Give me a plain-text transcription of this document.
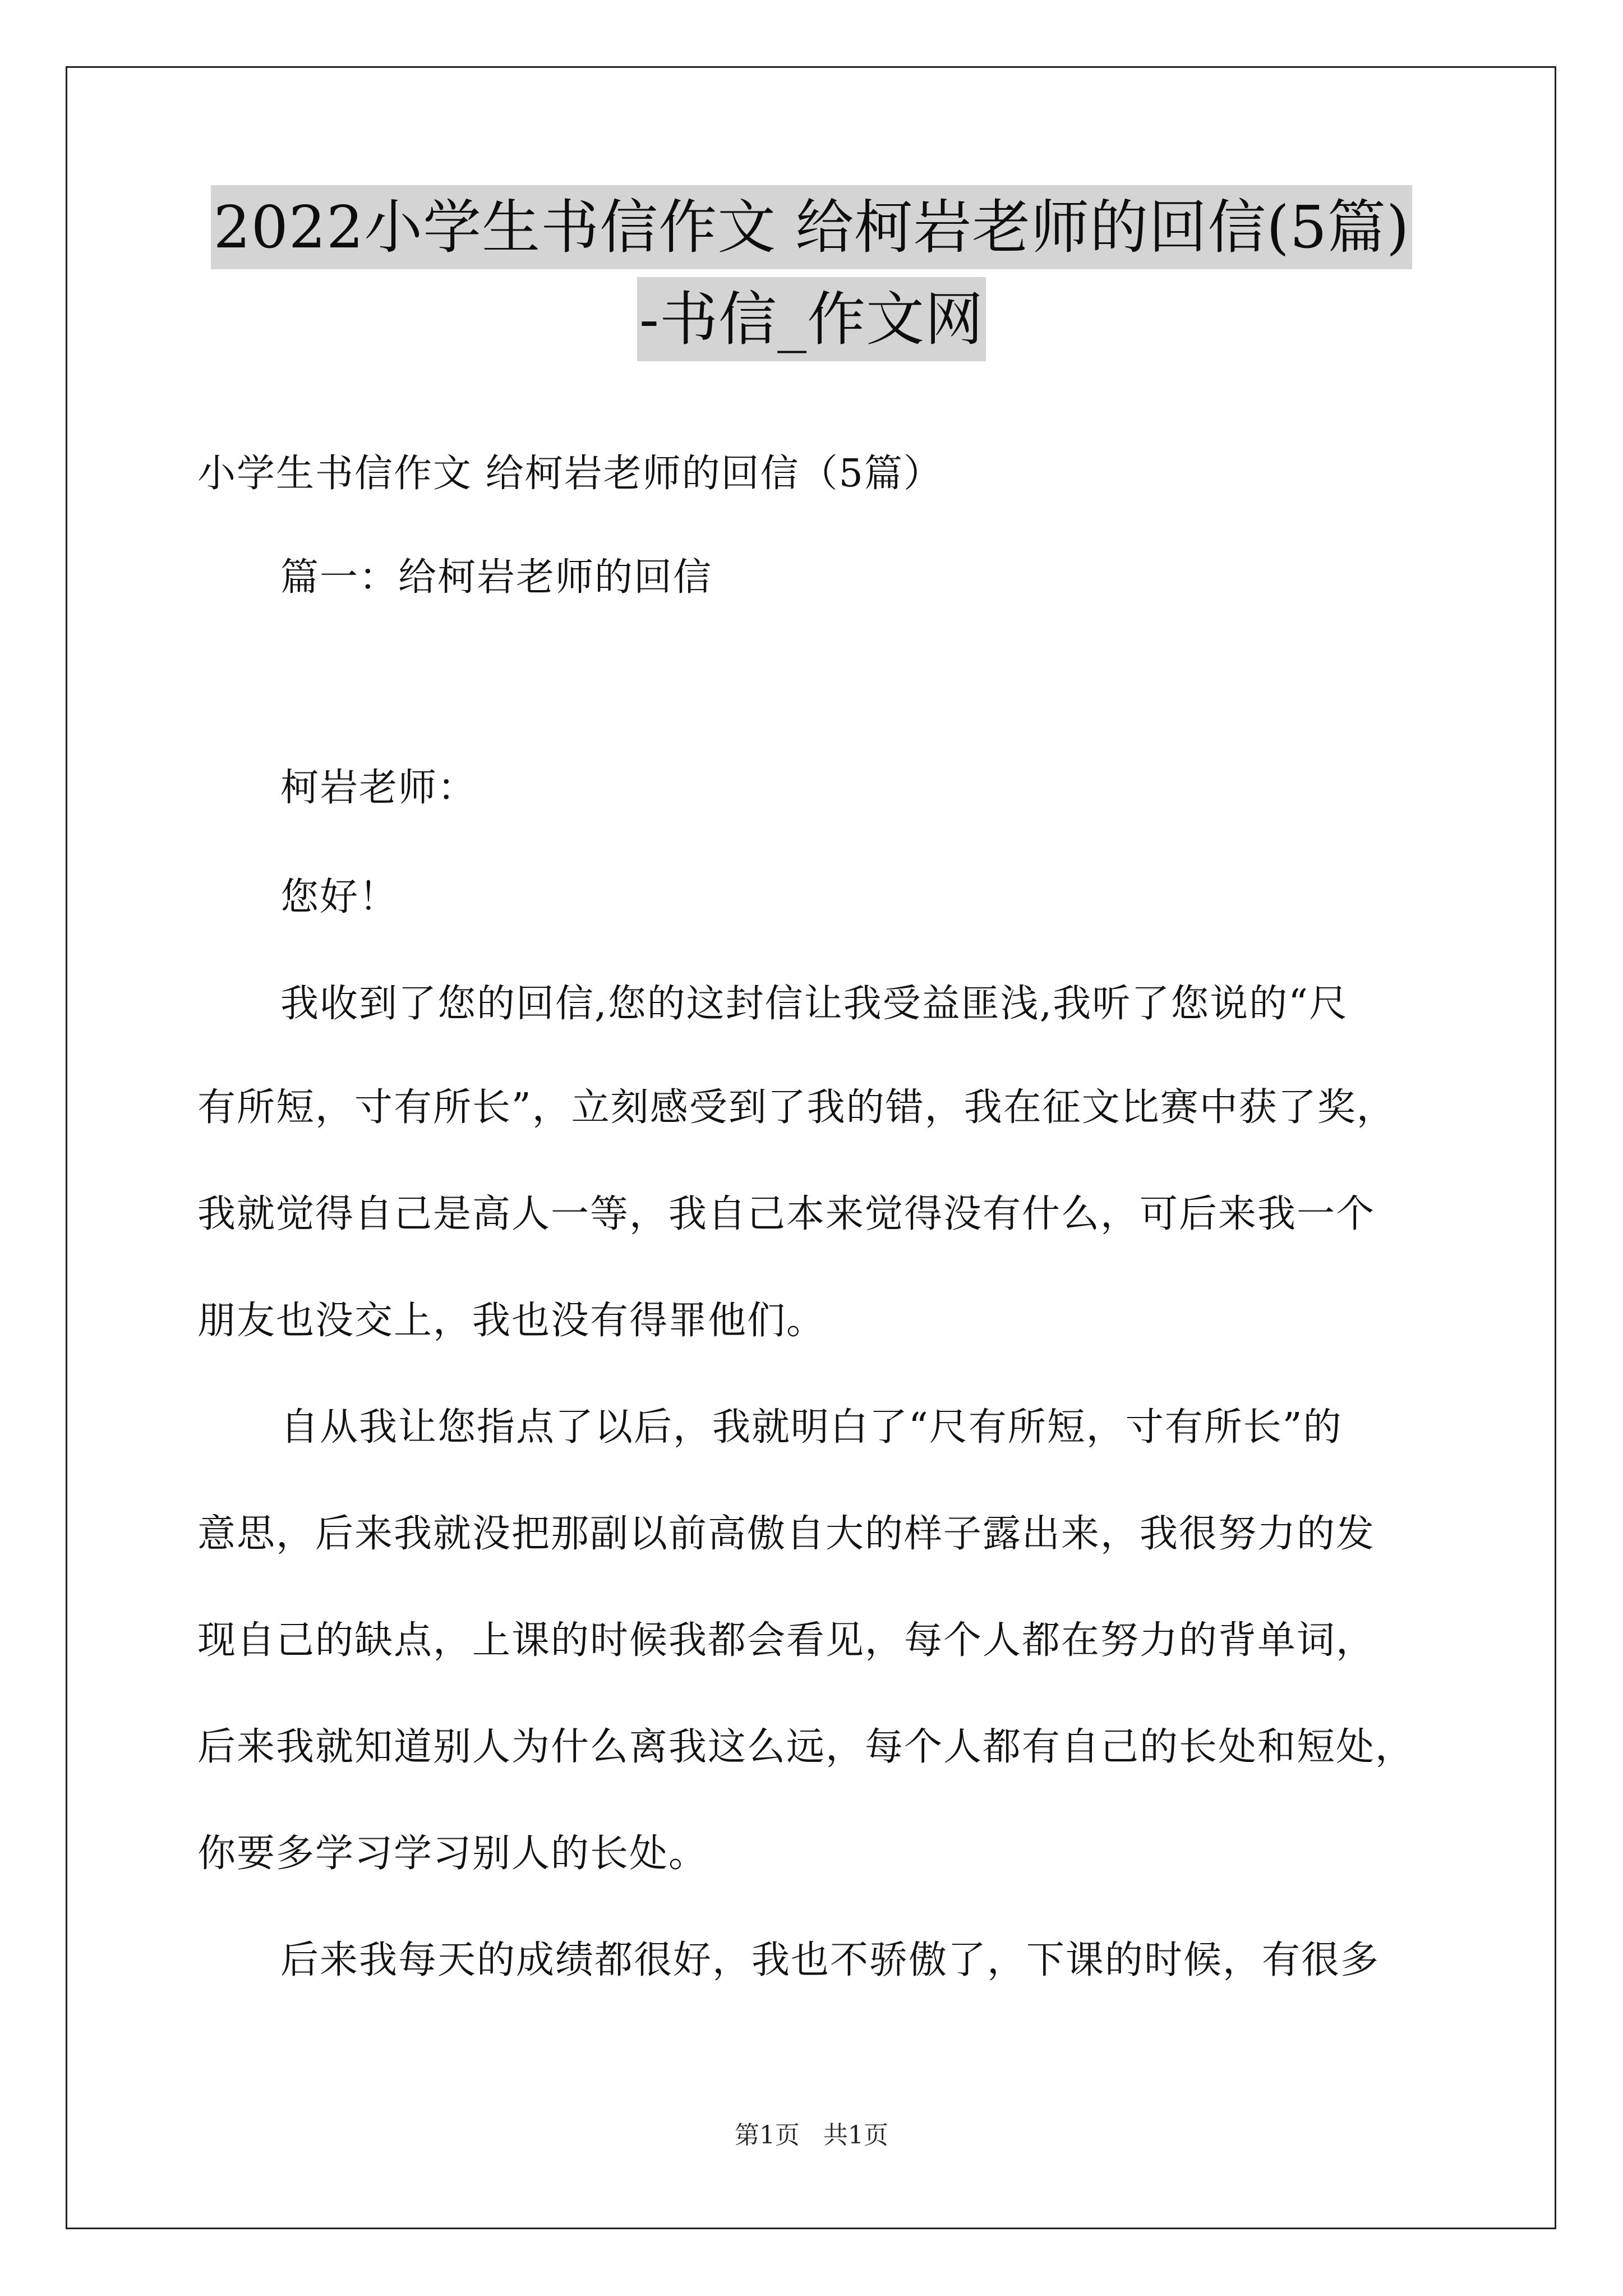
2022小学生书信作文 给柯岩老师的回信(5篇)
-书信_作文网

小学生书信作文 给柯岩老师的回信（5篇）

篇一：给柯岩老师的回信

柯岩老师：

您好！

我收到了您的回信,您的这封信让我受益匪浅,我听了您说的“尺

有所短，寸有所长”，立刻感受到了我的错，我在征文比赛中获了奖，

我就觉得自己是高人一等，我自己本来觉得没有什么，可后来我一个

朋友也没交上，我也没有得罪他们。

自从我让您指点了以后，我就明白了“尺有所短，寸有所长”的

意思，后来我就没把那副以前高傲自大的样子露出来，我很努力的发

现自己的缺点，上课的时候我都会看见，每个人都在努力的背单词，

后来我就知道别人为什么离我这么远，每个人都有自己的长处和短处，

你要多学习学习别人的长处。

后来我每天的成绩都很好，我也不骄傲了，下课的时候，有很多

第1页 共1页
